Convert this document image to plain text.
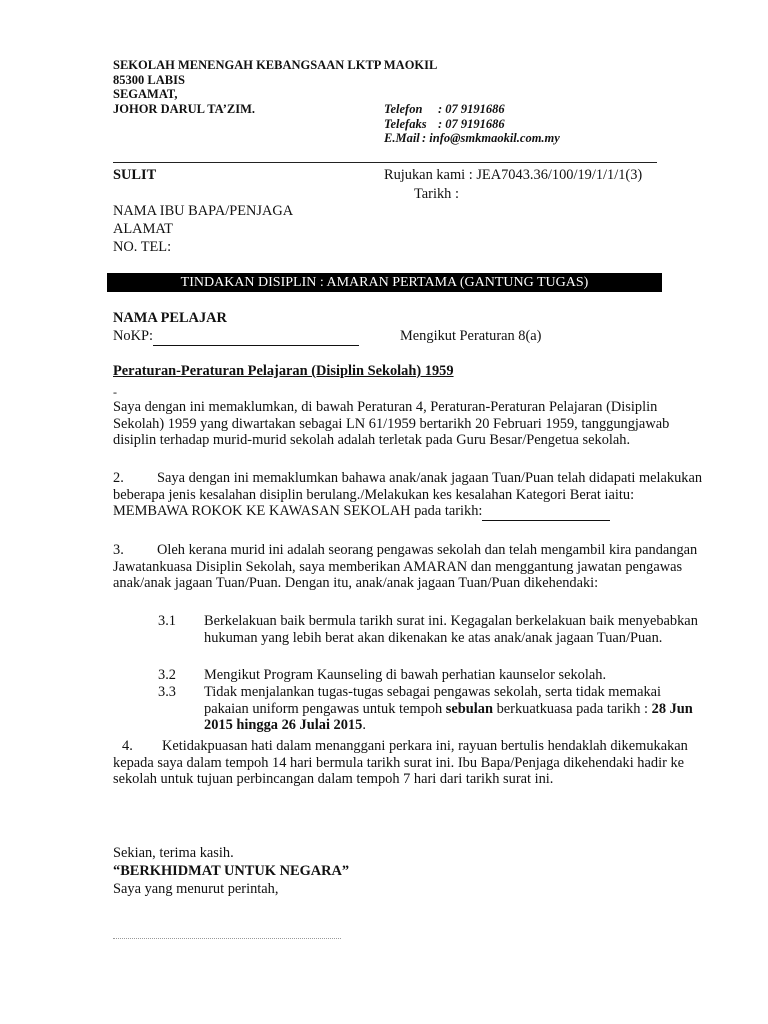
SEKOLAH MENENGAH KEBANGSAAN LKTP MAOKIL
85300 LABIS
SEGAMAT,
JOHOR DARUL TA’ZIM.	Telefon : 07 9191686
Telefaks : 07 9191686
E.Mail : info@smkmaokil.com.my
SULIT	Rujukan kami : JEA7043.36/100/19/1/1/1(3)
Tarikh :
NAMA IBU BAPA/PENJAGA
ALAMAT
NO. TEL:
TINDAKAN DISIPLIN : AMARAN PERTAMA (GANTUNG TUGAS)
NAMA PELAJAR
NoKP:	Mengikut Peraturan 8(a)
Peraturan-Peraturan Pelajaran (Disiplin Sekolah) 1959
-
Saya dengan ini memaklumkan, di bawah Peraturan 4, Peraturan-Peraturan Pelajaran (Disiplin Sekolah) 1959 yang diwartakan sebagai LN 61/1959 bertarikh 20 Februari 1959, tanggungjawab disiplin terhadap murid-murid sekolah adalah terletak pada Guru Besar/Pengetua sekolah.
2. Saya dengan ini memaklumkan bahawa anak/anak jagaan Tuan/Puan telah didapati melakukan beberapa jenis kesalahan disiplin berulang./Melakukan kes kesalahan Kategori Berat iaitu: MEMBAWA ROKOK KE KAWASAN SEKOLAH pada tarikh:
3. Oleh kerana murid ini adalah seorang pengawas sekolah dan telah mengambil kira pandangan Jawatankuasa Disiplin Sekolah, saya memberikan AMARAN dan menggantung jawatan pengawas anak/anak jagaan Tuan/Puan. Dengan itu, anak/anak jagaan Tuan/Puan dikehendaki:
3.1 Berkelakuan baik bermula tarikh surat ini. Kegagalan berkelakuan baik menyebabkan hukuman yang lebih berat akan dikenakan ke atas anak/anak jagaan Tuan/Puan.
3.2 Mengikut Program Kaunseling di bawah perhatian kaunselor sekolah.
3.3 Tidak menjalankan tugas-tugas sebagai pengawas sekolah, serta tidak memakai pakaian uniform pengawas untuk tempoh sebulan berkuatkuasa pada tarikh : 28 Jun 2015 hingga 26 Julai 2015.
4. Ketidakpuasan hati dalam menanggani perkara ini, rayuan bertulis hendaklah dikemukakan kepada saya dalam tempoh 14 hari bermula tarikh surat ini. Ibu Bapa/Penjaga dikehendaki hadir ke sekolah untuk tujuan perbincangan dalam tempoh 7 hari dari tarikh surat ini.
Sekian, terima kasih.
“BERKHIDMAT UNTUK NEGARA”
Saya yang menurut perintah,
